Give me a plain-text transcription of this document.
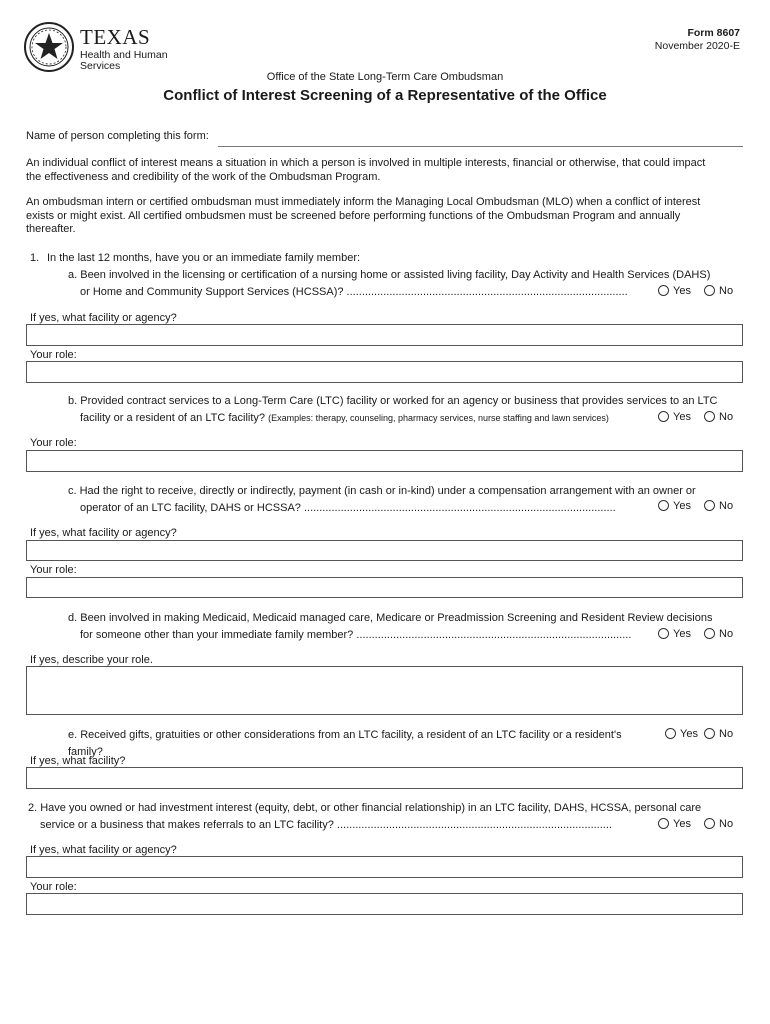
TEXAS
Health and Human
Services
Form 8607
November 2020-E
Office of the State Long-Term Care Ombudsman
Conflict of Interest Screening of a Representative of the Office
Name of person completing this form:
An individual conflict of interest means a situation in which a person is involved in multiple interests, financial or otherwise, that could impact
the effectiveness and credibility of the work of the Ombudsman Program.
An ombudsman intern or certified ombudsman must immediately inform the Managing Local Ombudsman (MLO) when a conflict of interest
exists or might exist. All certified ombudsmen must be screened before performing functions of the Ombudsman Program and annually
thereafter.
1. In the last 12 months, have you or an immediate family member:
a. Been involved in the licensing or certification of a nursing home or assisted living facility, Day Activity and Health Services (DAHS)
or Home and Community Support Services (HCSSA)? ............................................................................................	Yes	No
If yes, what facility or agency?
Your role:
b. Provided contract services to a Long-Term Care (LTC) facility or worked for an agency or business that provides services to an LTC
facility or a resident of an LTC facility? (Examples: therapy, counseling, pharmacy services, nurse staffing and lawn services)	Yes	No
Your role:
c. Had the right to receive, directly or indirectly, payment (in cash or in-kind) under a compensation arrangement with an owner or
operator of an LTC facility, DAHS or HCSSA? ......................................................................................................	Yes	No
If yes, what facility or agency?
Your role:
d. Been involved in making Medicaid, Medicaid managed care, Medicare or Preadmission Screening and Resident Review decisions
for someone other than your immediate family member? ..........................................................................................	Yes	No
If yes, describe your role.
e. Received gifts, gratuities or other considerations from an LTC facility, a resident of an LTC facility or a resident's family?
Yes	No
If yes, what facility?
2. Have you owned or had investment interest (equity, debt, or other financial relationship) in an LTC facility, DAHS, HCSSA, personal care
service or a business that makes referrals to an LTC facility? ..........................................................................................	Yes	No
If yes, what facility or agency?
Your role:
